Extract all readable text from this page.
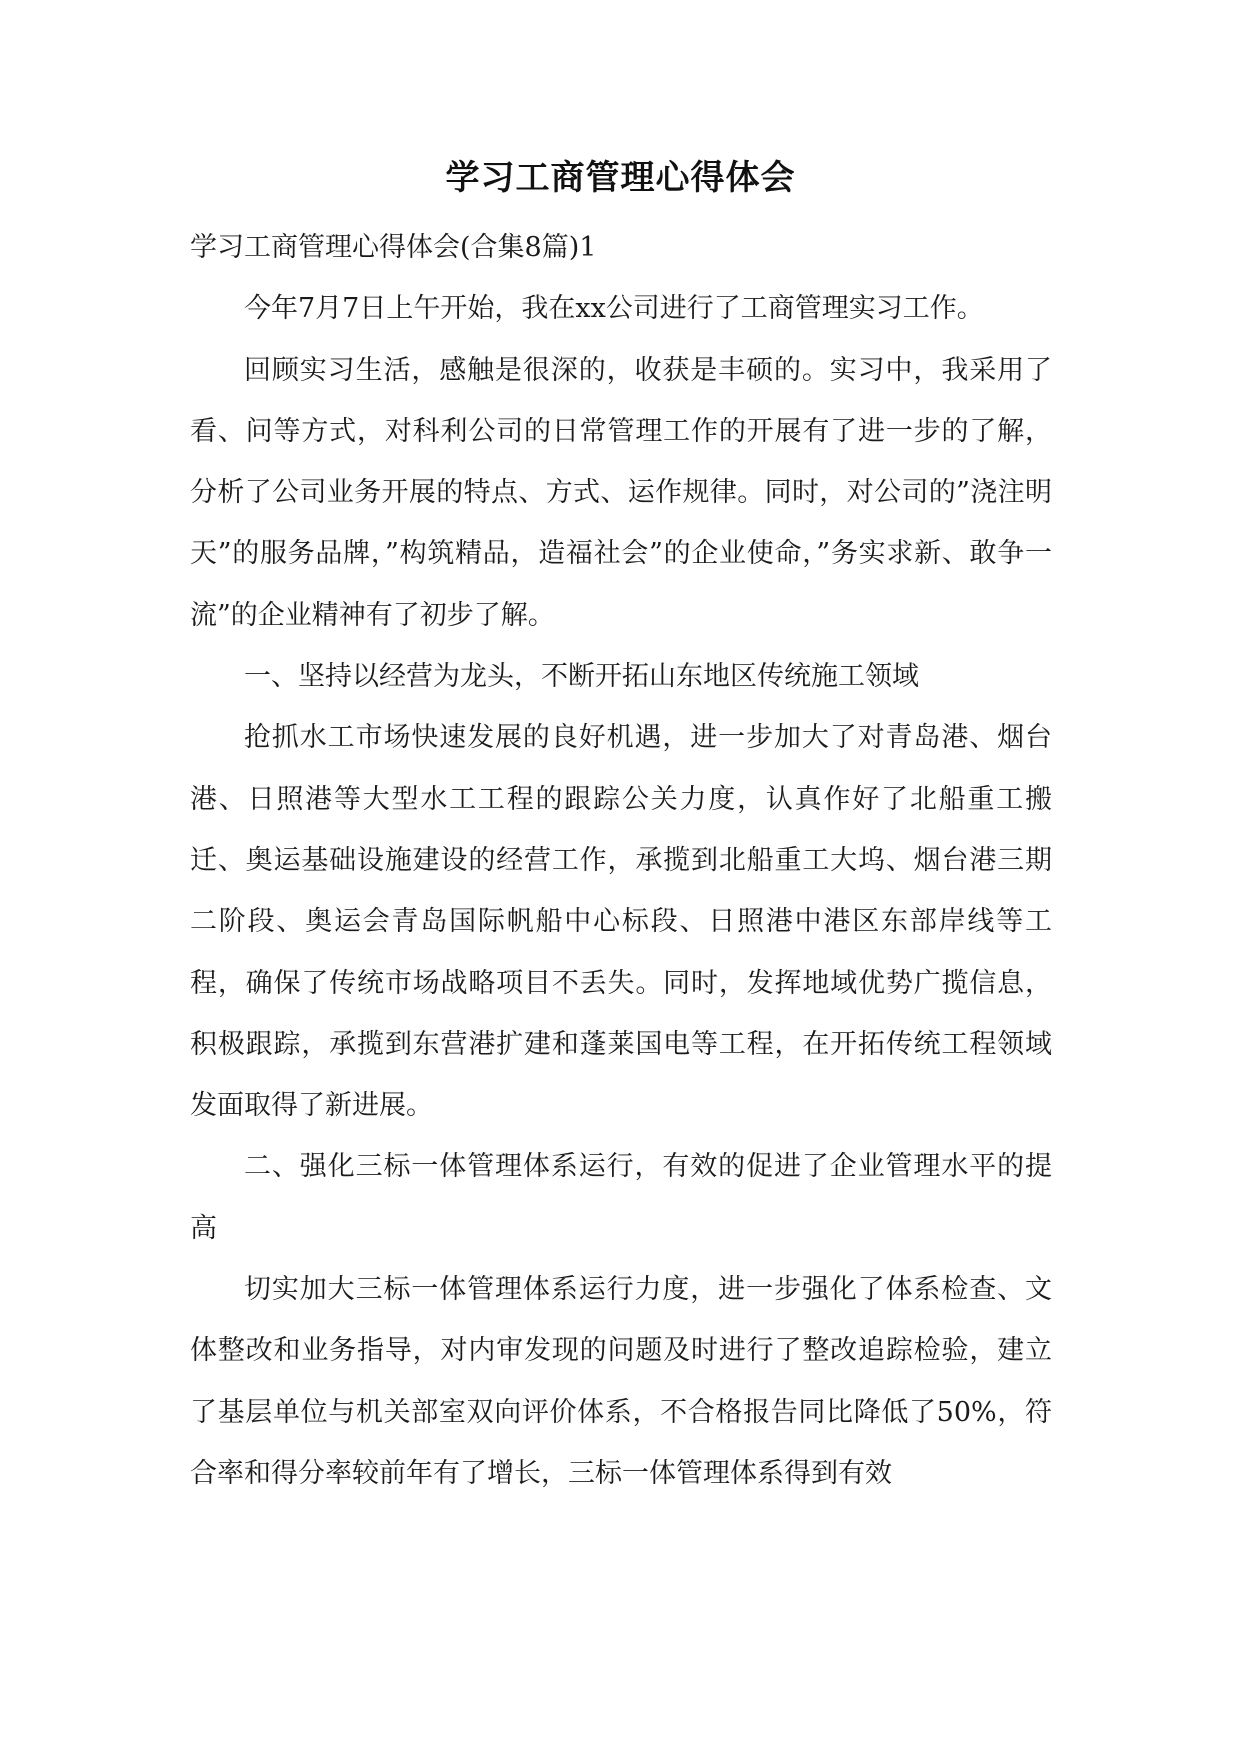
学习工商管理心得体会

学习工商管理心得体会(合集8篇)1

今年7月7日上午开始，我在xx公司进行了工商管理实习工作。

回顾实习生活，感触是很深的，收获是丰硕的。实习中，我采用了看、问等方式，对科利公司的日常管理工作的开展有了进一步的了解，分析了公司业务开展的特点、方式、运作规律。同时，对公司的”浇注明天”的服务品牌，”构筑精品，造福社会”的企业使命，”务实求新、敢争一流”的企业精神有了初步了解。

一、坚持以经营为龙头，不断开拓山东地区传统施工领域

抢抓水工市场快速发展的良好机遇，进一步加大了对青岛港、烟台港、日照港等大型水工工程的跟踪公关力度，认真作好了北船重工搬迁、奥运基础设施建设的经营工作，承揽到北船重工大坞、烟台港三期二阶段、奥运会青岛国际帆船中心标段、日照港中港区东部岸线等工程，确保了传统市场战略项目不丢失。同时，发挥地域优势广揽信息，积极跟踪，承揽到东营港扩建和蓬莱国电等工程，在开拓传统工程领域发面取得了新进展。

二、强化三标一体管理体系运行，有效的促进了企业管理水平的提高

切实加大三标一体管理体系运行力度，进一步强化了体系检查、文体整改和业务指导，对内审发现的问题及时进行了整改追踪检验，建立了基层单位与机关部室双向评价体系，不合格报告同比降低了50%，符合率和得分率较前年有了增长，三标一体管理体系得到有效
